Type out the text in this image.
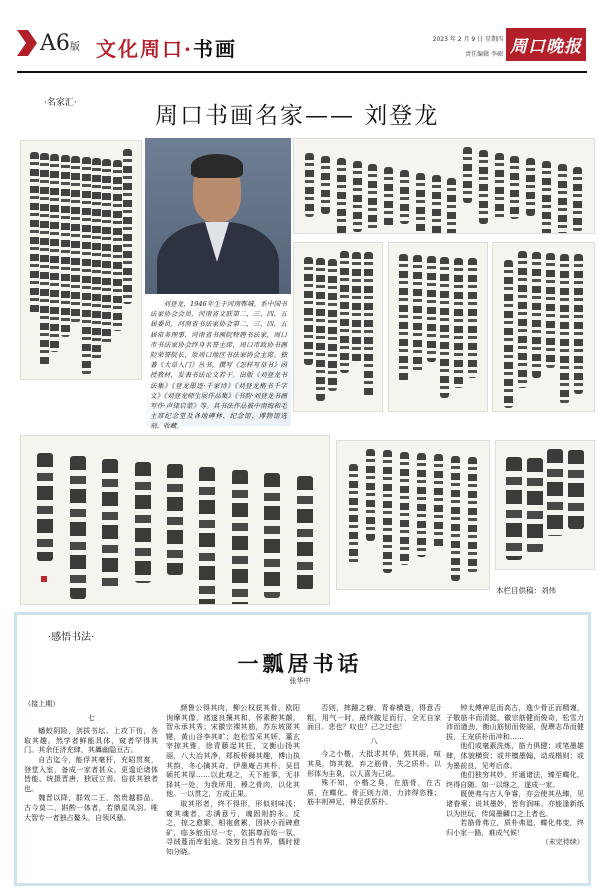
A6版 文化周口·书画	2023 年 2 月 9 日 星期四
责任编辑 李硕 周口晚报
·名家汇·	周口书画名家—— 刘登龙
刘登龙，1946年生于河南郸城。系中国书法家协会会员，河南省文联第二、三、四、五届委员，河南省书法家协会第二、三、四、五届常务理事，河南省书画院特聘书法家，周口市书法家协会终身名誉主席，周口市政协书画院荣誉院长，原周口地区书法家协会主席。独著《大草入门》丛书，撰写《怎样写草书》函授教材，发表书法论文若干。出版《刘登龙书法集》《登龙墨迹·千家诗》《刘登龙楷书千字文》《刘登龙师生展作品集》《书韵·刘登龙书画写作·声律启蒙》等。其书法作品被中南海和毛主席纪念堂及各地碑林、纪念馆、博物馆选刻、收藏。
本栏目供稿：刘伟
·感悟书法·
一瓢居书话
张华中

（接上期）

七

蟠蛟阴险，剑拔书坛。上攻下仿，各取其趣。然学者鲜能具体，窥者罕得其门。其余任济充肆，其羼幽隐亘古。

自古迄今，能俘其毫杆，充昭贯爽，登堂入室，备成一家者甚众。更遑论诸体皆能、统摄晋唐，独冠立焉，俗获其独者也。

魏晋以降，群效二王，然贵越群品，古今莫二，斟酌一体者，若鼎星凤羽。唯大智专一者独占鳌头，自领风骚。

颜鲁公得其肉，柳公权获其骨，欧阳询摩其像，褚遂良攘其和，怀素醉其颠，智永承其秀；宋徽宗裸其筋，苏东坡匿其犍，黄山谷李其旷；赵松雪采其妍，董玄宰掠其雅，徐青藤逞其狂，文衡山扬其丽，八大冶其净，郑板桥狮其趣，傅山执其韵，冬心擒其奇，伊墨庵占其朴，吴昌硕托其厚……以此观之，天下能事，无非择其一处，为我所用，穆之骨肉，以化其他。一以贯之，方成正果。

取其形者，终不得形，形似则味浅；窥其魂者，志满意亏，魂固则韵永。反之，掠之愈繁，相袍愈累，因袂小而碑愈矿，临多能而尽一专，依据尊而始一氛，寻绒蔓而库狙途。饶穷自当有界，偶时便知分晓。

否则，摔踵之癖，青春横逝，得意否粗，用气一时，最终跛足而行，全无自家面目。悲也？叹也？己之过也！

八

今之小楷，大抵求其华，鼓其丽，喧其臭，饰其貌，弃之筋骨，失之质朴。以形体为圭臬，以人喜为己说。

殊不知，小楷之臭，在筋骨，在古质，在蝶化。骨正则力沛，力沛得恣雅；筋丰则神足，神足获质朴。

钟太傅神足而高古，逸少骨正而精谨，子敬筋丰而清挺，徽宗筋健而俊奇，松雪力沛而遒劲，衡山筋韧而俊丽，倪瓒志昂而健拔，王宠质朴而冲和……

他们或毫素洗炼，筋力俱健；或笔墨雄肆，体貌横资；或井檀墨翰，动成楷则；或为墨前良，见考后彦。

他们独穷其妙，并通诸法，臻至蝶化，终得自随。如一以继之，遂成一家。

既使弗与古人争睿，亦会使其丛臻，见诸眷案；说其墨妙，皆有润味。亦能逢新纸以为世玩，传闻墨麟口之上者也。

若筋骨弗立，质朴弗追，蝶化弗变，终归小家一路，难成气候！

（未完待续）
